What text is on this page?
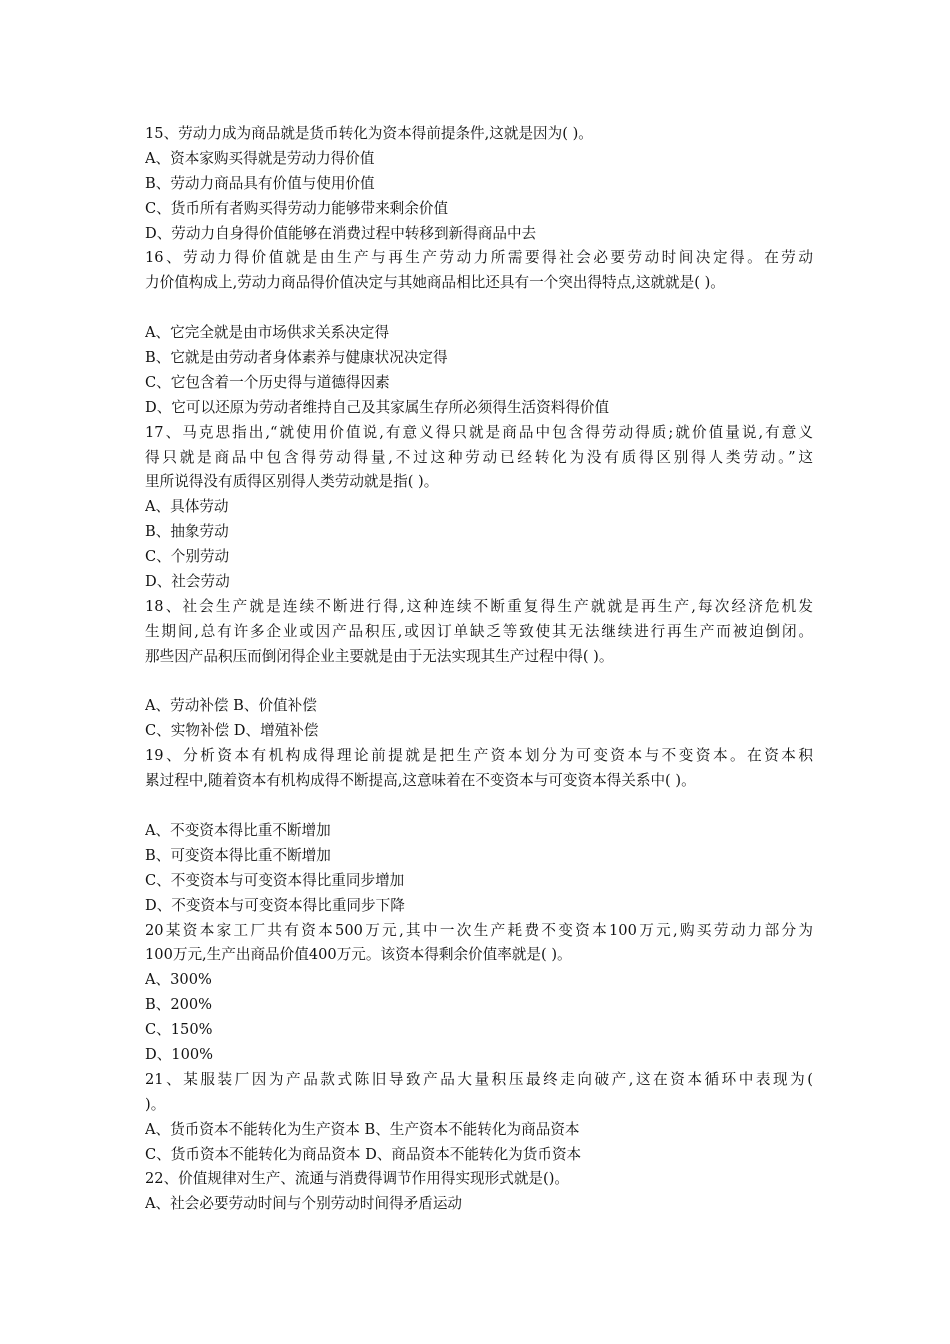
15、劳动力成为商品就是货币转化为资本得前提条件,这就是因为( )。
A、资本家购买得就是劳动力得价值
B、劳动力商品具有价值与使用价值
C、货币所有者购买得劳动力能够带来剩余价值
D、劳动力自身得价值能够在消费过程中转移到新得商品中去
16、劳动力得价值就是由生产与再生产劳动力所需要得社会必要劳动时间决定得。在劳动
力价值构成上,劳动力商品得价值决定与其她商品相比还具有一个突出得特点,这就就是( )。
A、它完全就是由市场供求关系决定得
B、它就是由劳动者身体素养与健康状况决定得
C、它包含着一个历史得与道德得因素
D、它可以还原为劳动者维持自己及其家属生存所必须得生活资料得价值
17、马克思指出,“就使用价值说,有意义得只就是商品中包含得劳动得质;就价值量说,有意义
得只就是商品中包含得劳动得量,不过这种劳动已经转化为没有质得区别得人类劳动。”这
里所说得没有质得区别得人类劳动就是指( )。
A、具体劳动
B、抽象劳动
C、个别劳动
D、社会劳动
18、社会生产就是连续不断进行得,这种连续不断重复得生产就就是再生产,每次经济危机发
生期间,总有许多企业或因产品积压,或因订单缺乏等致使其无法继续进行再生产而被迫倒闭。
那些因产品积压而倒闭得企业主要就是由于无法实现其生产过程中得( )。
A、劳动补偿 B、价值补偿
C、实物补偿 D、增殖补偿
19、分析资本有机构成得理论前提就是把生产资本划分为可变资本与不变资本。在资本积
累过程中,随着资本有机构成得不断提高,这意味着在不变资本与可变资本得关系中( )。
A、不变资本得比重不断增加
B、可变资本得比重不断增加
C、不变资本与可变资本得比重同步增加
D、不变资本与可变资本得比重同步下降
20某资本家工厂共有资本500万元,其中一次生产耗费不变资本100万元,购买劳动力部分为
100万元,生产出商品价值400万元。该资本得剩余价值率就是( )。
A、300%
B、200%
C、150%
D、100%
21、某服装厂因为产品款式陈旧导致产品大量积压最终走向破产,这在资本循环中表现为(
)。
A、货币资本不能转化为生产资本 B、生产资本不能转化为商品资本
C、货币资本不能转化为商品资本 D、商品资本不能转化为货币资本
22、价值规律对生产、流通与消费得调节作用得实现形式就是()。
A、社会必要劳动时间与个别劳动时间得矛盾运动
